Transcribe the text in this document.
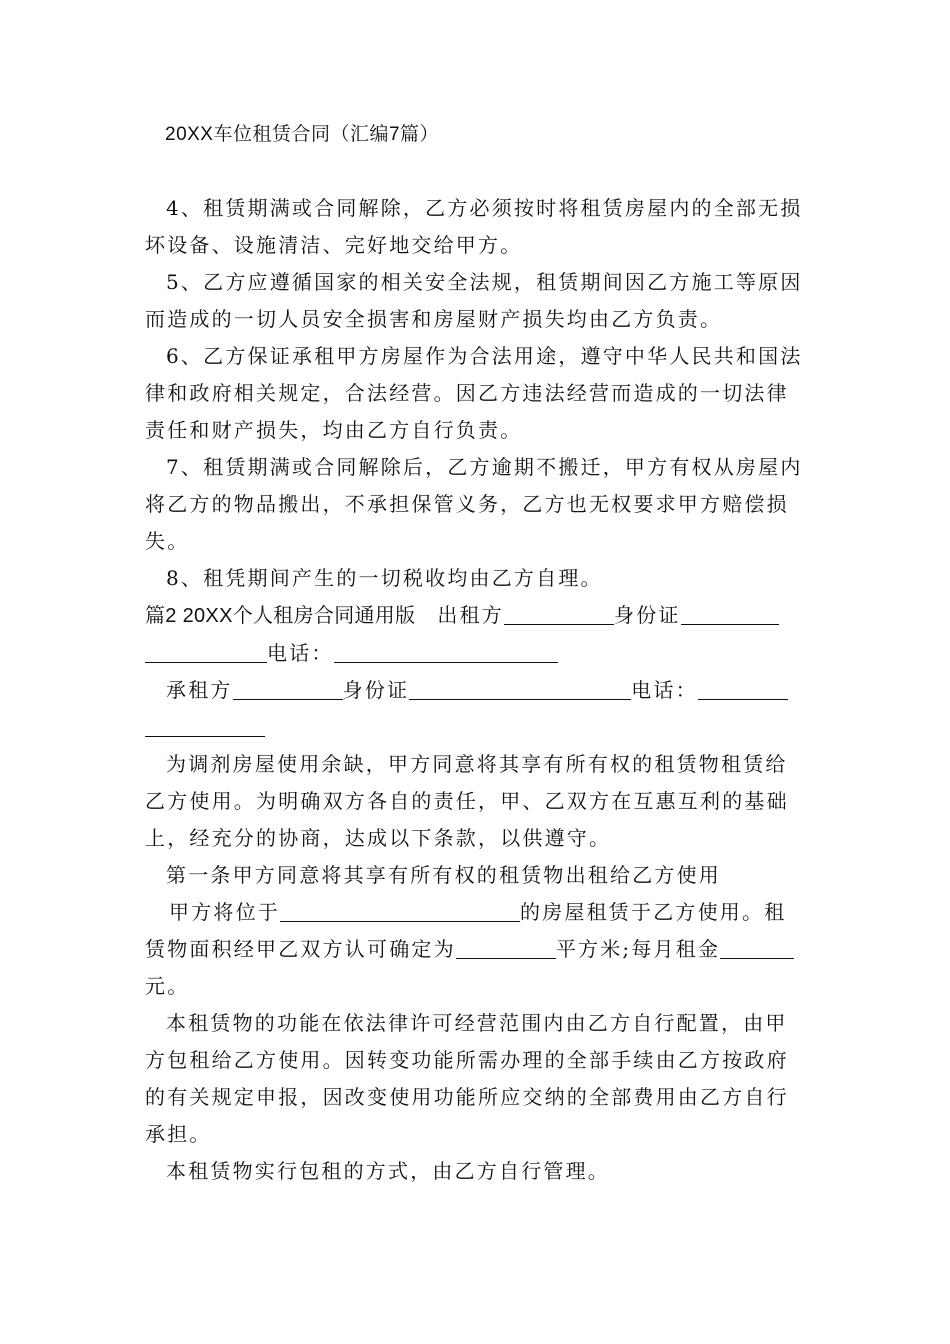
20XX车位租赁合同（汇编7篇）

4、租赁期满或合同解除，乙方必须按时将租赁房屋内的全部无损坏设备、设施清洁、完好地交给甲方。

5、乙方应遵循国家的相关安全法规，租赁期间因乙方施工等原因而造成的一切人员安全损害和房屋财产损失均由乙方负责。

6、乙方保证承租甲方房屋作为合法用途，遵守中华人民共和国法律和政府相关规定，合法经营。因乙方违法经营而造成的一切法律责任和财产损失，均由乙方自行负责。

7、租赁期满或合同解除后，乙方逾期不搬迁，甲方有权从房屋内将乙方的物品搬出，不承担保管义务，乙方也无权要求甲方赔偿损失。

8、租凭期间产生的一切税收均由乙方自理。

篇2 20XX个人租房合同通用版 出租方	身份证
电话：

承租方	身份证	电话：

为调剂房屋使用余缺，甲方同意将其享有所有权的租赁物租赁给乙方使用。为明确双方各自的责任，甲、乙双方在互惠互利的基础上，经充分的协商，达成以下条款，以供遵守。

第一条甲方同意将其享有所有权的租赁物出租给乙方使用

甲方将位于	的房屋租赁于乙方使用。租赁物面积经甲乙双方认可确定为	平方米;每月租金元。

本租赁物的功能在依法律许可经营范围内由乙方自行配置，由甲方包租给乙方使用。因转变功能所需办理的全部手续由乙方按政府的有关规定申报，因改变使用功能所应交纳的全部费用由乙方自行承担。

本租赁物实行包租的方式，由乙方自行管理。
